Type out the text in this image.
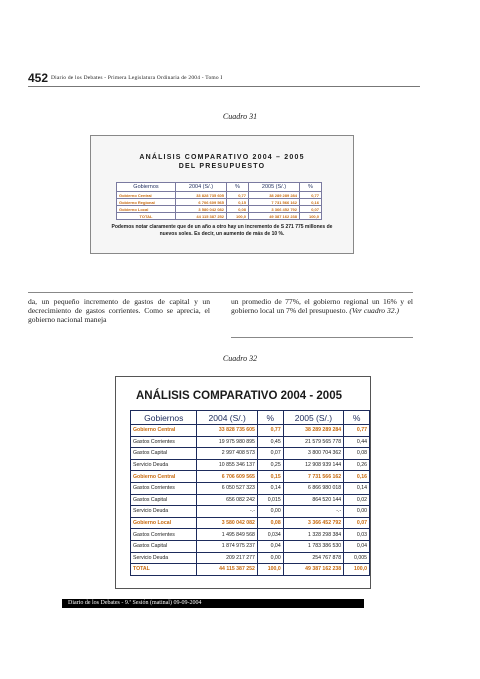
452 Diario de los Debates - Primera Legislatura Ordinaria de 2004 - Tomo I
Cuadro 31
ANÁLISIS COMPARATIVO 2004 – 2005
DEL PRESUPUESTO
Gobiernos	2004 (S/.)	%	2005 (S/.)	%
Gobierno Central	33 828 735 605	0,77	38 289 289 284	0,77
Gobierno Regional	6 706 609 565	0,15	7 731 566 162	0,16
Gobierno Local	3 580 042 082	0,08	3 366 452 792	0,07
TOTAL	44 115 387 252	100,0	49 387 162 238	100,0
Podemos notar claramente que de un año a otro hay un incremento de S 271 775 millones de nuevos soles. Es decir, un aumento de más de 10 %.
da, un pequeño incremento de gastos de capital y un decrecimiento de gastos corrientes. Como se aprecia, el gobierno nacional maneja
un promedio de 77%, el gobierno regional un 16% y el gobierno local un 7% del presupuesto. (Ver cuadro 32.)
Cuadro 32
ANÁLISIS COMPARATIVO 2004 - 2005
Gobiernos	2004 (S/.)	%	2005 (S/.)	%
Gobierno Central	33 828 735 605	0,77	38 289 289 284	0,77
Gastos Corrientes	19 975 980 895	0,45	21 579 565 778	0,44
Gastos Capital	2 997 408 573	0,07	3 800 704 362	0,08
Servicio Deuda	10 855 346 137	0,25	12 908 939 144	0,26
Gobierno Central	6 706 609 565	0,15	7 731 566 162	0,16
Gastos Corrientes	6 050 527 323	0,14	6 866 980 018	0,14
Gastos Capital	656 082 242	0,015	864 520 144	0,02
Servicio Deuda	-.-	0,00	-.-	0,00
Gobierno Local	3 580 042 082	0,08	3 366 452 792	0,07
Gastos Corrientes	1 495 849 568	0,034	1 328 298 384	0,03
Gastos Capital	1 874 975 237	0,04	1 783 386 530	0,04
Servicio Deuda	209 217 277	0,00	254 767 878	0,005
TOTAL	44 115 387 252	100,0	49 387 162 238	100,0
Diario de los Debates - 9.ª Sesión (matinal) 09-09-2004
